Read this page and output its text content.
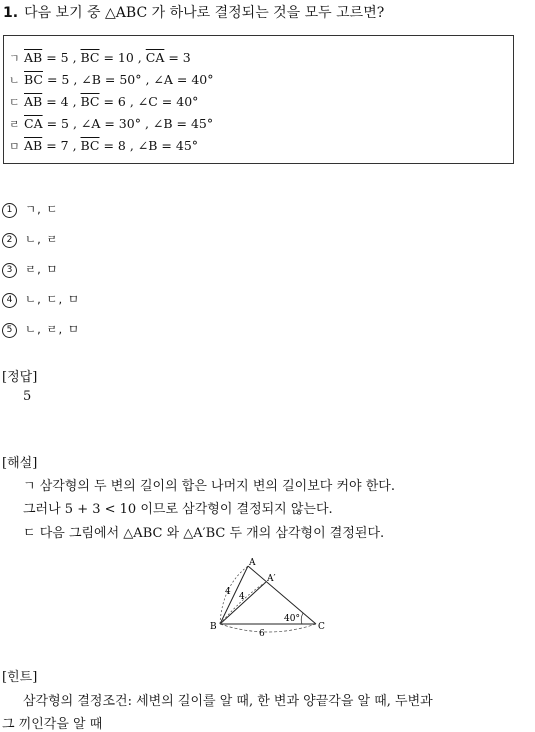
1. 다음 보기 중 △ABC 가 하나로 결정되는 것을 모두 고르면?
ㄱ $\overline{AB} = 5$ , $\overline{BC} = 10$ , $\overline{CA} = 3$
ㄴ $\overline{BC} = 5$ , ∠B = 50° , ∠A = 40°
ㄷ $\overline{AB} = 4$ , $\overline{BC} = 6$ , ∠C = 40°
ㄹ $\overline{CA} = 5$ , ∠A = 30° , ∠B = 45°
ㅁ $\overline{AB} = 7$ , $\overline{BC} = 8$ , ∠B = 45°
1 ㄱ, ㄷ
2 ㄴ, ㄹ
3 ㄹ, ㅁ
4 ㄴ, ㄷ, ㅁ
5 ㄴ, ㄹ, ㅁ
[정답]
5
[해설]
ㄱ 삼각형의 두 변의 길이의 합은 나머지 변의 길이보다 커야 한다.
그러나 5 + 3 < 10 이므로 삼각형이 결정되지 않는다.
ㄷ 다음 그림에서 △ABC 와 △A′BC 두 개의 삼각형이 결정된다.
A
A′
B	C
4 4
6
40°
[힌트]
삼각형의 결정조건: 세변의 길이를 알 때, 한 변과 양끝각을 알 때, 두변과
그 끼인각을 알 때
